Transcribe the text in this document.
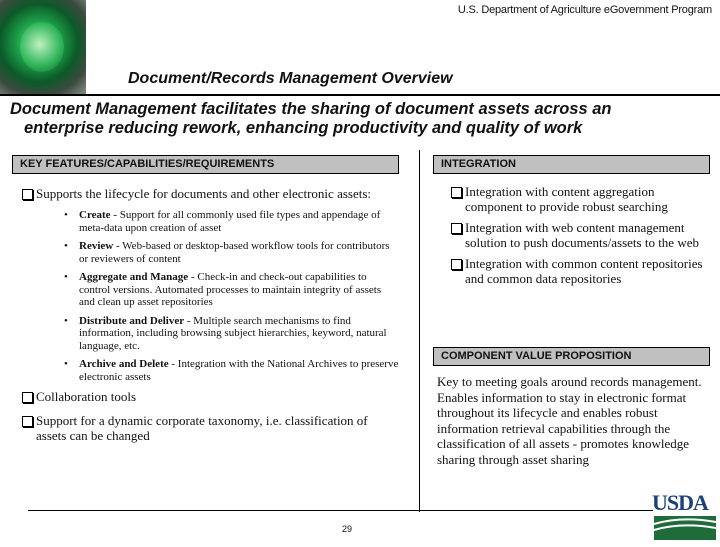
U.S. Department of Agriculture eGovernment Program
Document/Records Management Overview
Document Management facilitates the sharing of document assets across an
enterprise reducing rework, enhancing productivity and quality of work
KEY FEATURES/CAPABILITIES/REQUIREMENTS
Supports the lifecycle for documents and other electronic assets:
• Create - Support for all commonly used file types and appendage of meta-data upon creation of asset
• Review - Web-based or desktop-based workflow tools for contributors or reviewers of content
• Aggregate and Manage - Check-in and check-out capabilities to control versions. Automated processes to maintain integrity of assets and clean up asset repositories
• Distribute and Deliver - Multiple search mechanisms to find information, including browsing subject hierarchies, keyword, natural language, etc.
• Archive and Delete - Integration with the National Archives to preserve electronic assets
Collaboration tools
Support for a dynamic corporate taxonomy, i.e. classification of assets can be changed
INTEGRATION
Integration with content aggregation component to provide robust searching
Integration with web content management solution to push documents/assets to the web
Integration with common content repositories and common data repositories
COMPONENT VALUE PROPOSITION

Key to meeting goals around records management. Enables information to stay in electronic format throughout its lifecycle and enables robust information retrieval capabilities through the classification of all assets - promotes knowledge sharing through asset sharing

29
USDA
